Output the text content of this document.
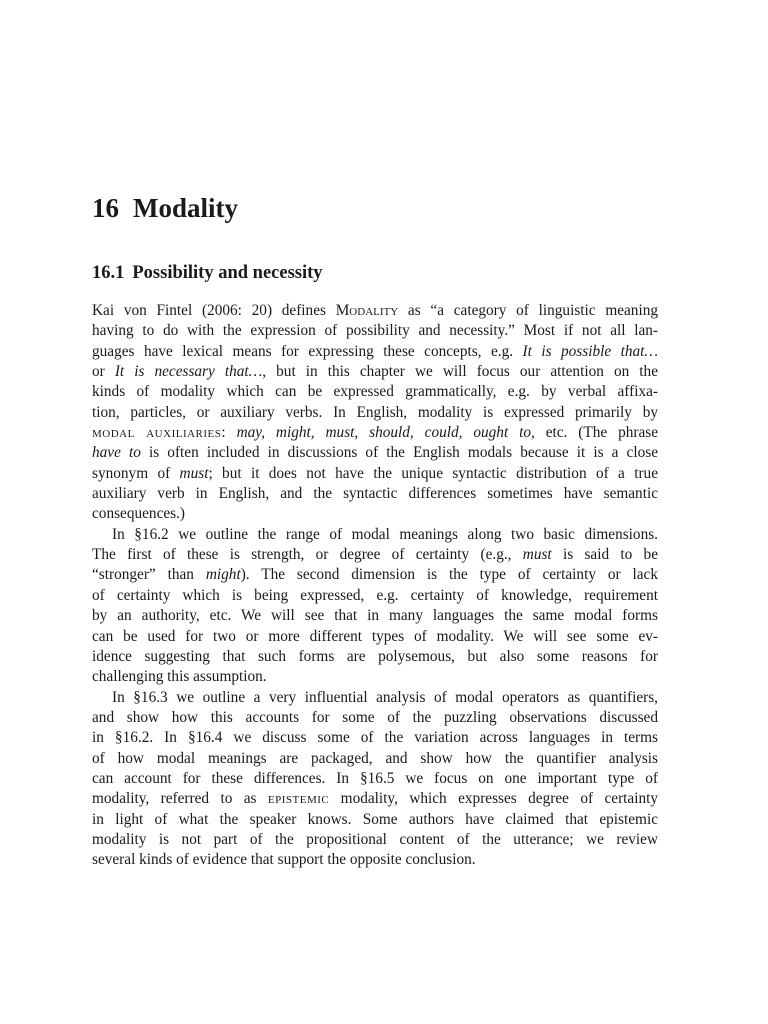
16 Modality
16.1 Possibility and necessity
Kai von Fintel (2006: 20) defines Modality as “a category of linguistic meaning
having to do with the expression of possibility and necessity.” Most if not all lan-
guages have lexical means for expressing these concepts, e.g. It is possible that…
or It is necessary that…, but in this chapter we will focus our attention on the
kinds of modality which can be expressed grammatically, e.g. by verbal affixa-
tion, particles, or auxiliary verbs. In English, modality is expressed primarily by
modal auxiliaries: may, might, must, should, could, ought to, etc. (The phrase
have to is often included in discussions of the English modals because it is a close
synonym of must; but it does not have the unique syntactic distribution of a true
auxiliary verb in English, and the syntactic differences sometimes have semantic
consequences.)
In §16.2 we outline the range of modal meanings along two basic dimensions.
The first of these is strength, or degree of certainty (e.g., must is said to be
“stronger” than might). The second dimension is the type of certainty or lack
of certainty which is being expressed, e.g. certainty of knowledge, requirement
by an authority, etc. We will see that in many languages the same modal forms
can be used for two or more different types of modality. We will see some ev-
idence suggesting that such forms are polysemous, but also some reasons for
challenging this assumption.
In §16.3 we outline a very influential analysis of modal operators as quantifiers,
and show how this accounts for some of the puzzling observations discussed
in §16.2. In §16.4 we discuss some of the variation across languages in terms
of how modal meanings are packaged, and show how the quantifier analysis
can account for these differences. In §16.5 we focus on one important type of
modality, referred to as epistemic modality, which expresses degree of certainty
in light of what the speaker knows. Some authors have claimed that epistemic
modality is not part of the propositional content of the utterance; we review
several kinds of evidence that support the opposite conclusion.
